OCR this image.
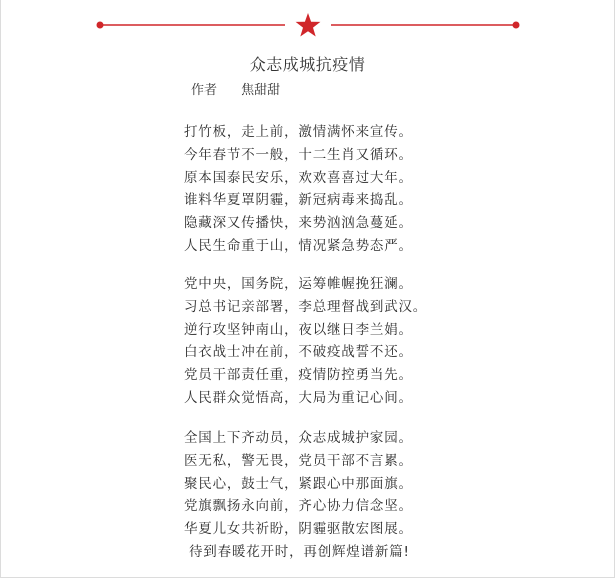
众志成城抗疫情
作者 焦甜甜
打竹板，走上前，激情满怀来宣传。
今年春节不一般，十二生肖又循环。
原本国泰民安乐，欢欢喜喜过大年。
谁料华夏罩阴霾，新冠病毒来捣乱。
隐藏深又传播快，来势汹汹急蔓延。
人民生命重于山，情况紧急势态严。
党中央，国务院，运筹帷幄挽狂澜。
习总书记亲部署，李总理督战到武汉。
逆行攻坚钟南山，夜以继日李兰娟。
白衣战士冲在前，不破疫战誓不还。
党员干部责任重，疫情防控勇当先。
人民群众觉悟高，大局为重记心间。
全国上下齐动员，众志成城护家园。
医无私，警无畏，党员干部不言累。
聚民心，鼓士气，紧跟心中那面旗。
党旗飘扬永向前，齐心协力信念坚。
华夏儿女共祈盼，阴霾驱散宏图展。
待到春暖花开时，再创辉煌谱新篇!
